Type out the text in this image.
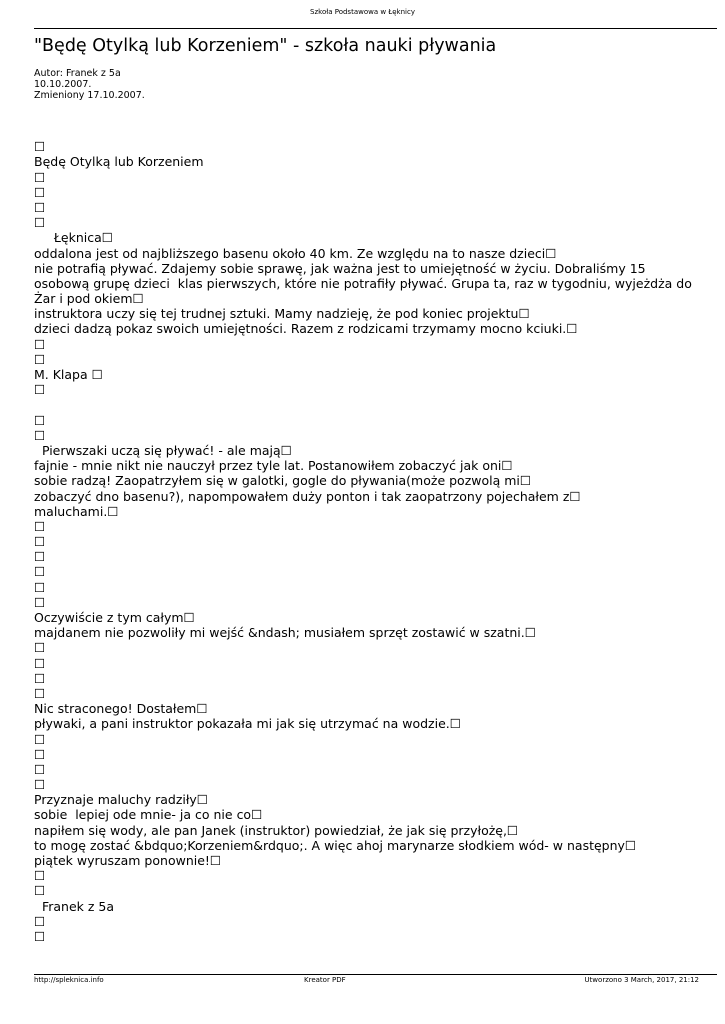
Szkoła Podstawowa w Łęknicy
"Będę Otylką lub Korzeniem" - szkoła nauki pływania
Autor: Franek z 5a
10.10.2007.
Zmieniony 17.10.2007.
☐
Będę Otylką lub Korzeniem
☐
☐
☐
☐
Łęknica☐
oddalona jest od najbliższego basenu około 40 km. Ze względu na to nasze dzieci☐
nie potrafią pływać. Zdajemy sobie sprawę, jak ważna jest to umiejętność w życiu. Dobraliśmy 15
osobową grupę dzieci  klas pierwszych, które nie potrafiły pływać. Grupa ta, raz w tygodniu, wyjeżdża do
Żar i pod okiem☐
instruktora uczy się tej trudnej sztuki. Mamy nadzieję, że pod koniec projektu☐
dzieci dadzą pokaz swoich umiejętności. Razem z rodzicami trzymamy mocno kciuki.☐
☐
☐
M. Klapa ☐
☐
☐
☐
Pierwszaki uczą się pływać! - ale mają☐
fajnie - mnie nikt nie nauczył przez tyle lat. Postanowiłem zobaczyć jak oni☐
sobie radzą! Zaopatrzyłem się w galotki, gogle do pływania(może pozwolą mi☐
zobaczyć dno basenu?), napompowałem duży ponton i tak zaopatrzony pojechałem z☐
maluchami.☐
☐
☐
☐
☐
☐
☐
Oczywiście z tym całym☐
majdanem nie pozwoliły mi wejść &ndash; musiałem sprzęt zostawić w szatni.☐
☐
☐
☐
☐
Nic straconego! Dostałem☐
pływaki, a pani instruktor pokazała mi jak się utrzymać na wodzie.☐
☐
☐
☐
☐
Przyznaje maluchy radziły☐
sobie  lepiej ode mnie- ja co nie co☐
napiłem się wody, ale pan Janek (instruktor) powiedział, że jak się przyłożę,☐
to mogę zostać &bdquo;Korzeniem&rdquo;. A więc ahoj marynarze słodkiem wód- w następny☐
piątek wyruszam ponownie!☐
☐
☐
Franek z 5a
☐
☐
http://spleknica.info	Kreator PDF	Utworzono 3 March, 2017, 21:12
